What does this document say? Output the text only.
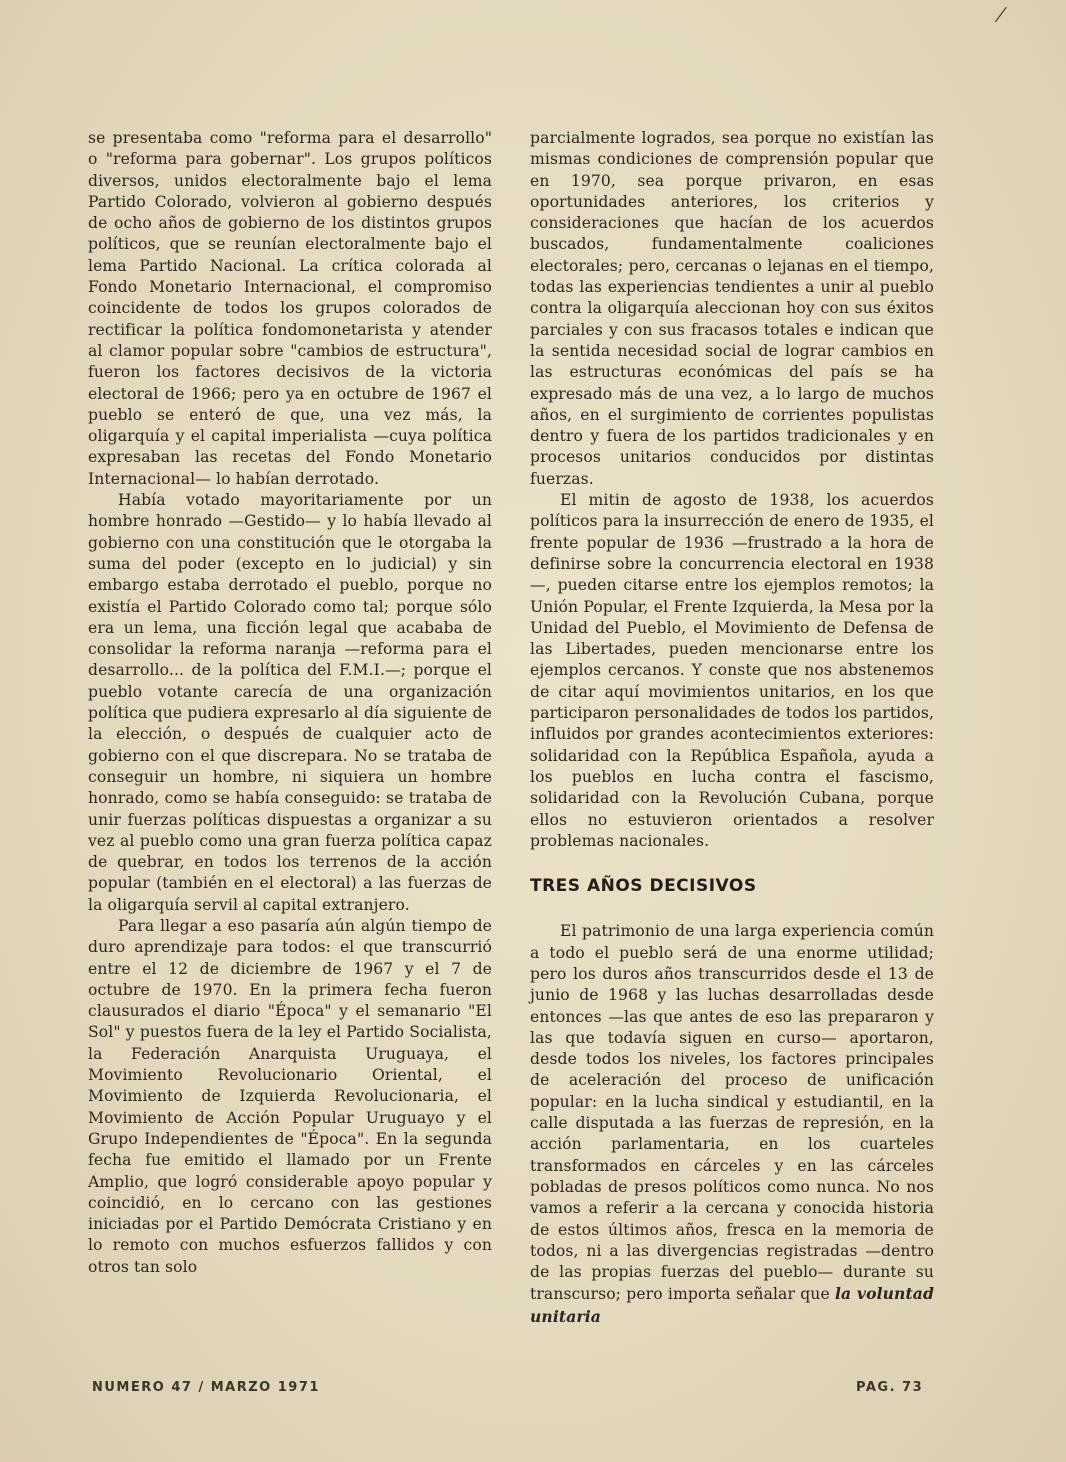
/

se presentaba como "reforma para el desarrollo" o "reforma para gobernar". Los grupos políticos diversos, unidos electoralmente bajo el lema Partido Colorado, volvieron al gobierno después de ocho años de gobierno de los distintos grupos políticos, que se reunían electoralmente bajo el lema Partido Nacional. La crítica colorada al Fondo Monetario Internacional, el compromiso coincidente de todos los grupos colorados de rectificar la política fondomonetarista y atender al clamor popular sobre "cambios de estructura", fueron los factores decisivos de la victoria electoral de 1966; pero ya en octubre de 1967 el pueblo se enteró de que, una vez más, la oligarquía y el capital imperialista —cuya política expresaban las recetas del Fondo Monetario Internacional— lo habían derrotado.

Había votado mayoritariamente por un hombre honrado —Gestido— y lo había llevado al gobierno con una constitución que le otorgaba la suma del poder (excepto en lo judicial) y sin embargo estaba derrotado el pueblo, porque no existía el Partido Colorado como tal; porque sólo era un lema, una ficción legal que acababa de consolidar la reforma naranja —reforma para el desarrollo... de la política del F.M.I.—; porque el pueblo votante carecía de una organización política que pudiera expresarlo al día siguiente de la elección, o después de cualquier acto de gobierno con el que discrepara. No se trataba de conseguir un hombre, ni siquiera un hombre honrado, como se había conseguido: se trataba de unir fuerzas políticas dispuestas a organizar a su vez al pueblo como una gran fuerza política capaz de quebrar, en todos los terrenos de la acción popular (también en el electoral) a las fuerzas de la oligarquía servil al capital extranjero.

Para llegar a eso pasaría aún algún tiempo de duro aprendizaje para todos: el que transcurrió entre el 12 de diciembre de 1967 y el 7 de octubre de 1970. En la primera fecha fueron clausurados el diario "Época" y el semanario "El Sol" y puestos fuera de la ley el Partido Socialista, la Federación Anarquista Uruguaya, el Movimiento Revolucionario Oriental, el Movimiento de Izquierda Revolucionaria, el Movimiento de Acción Popular Uruguayo y el Grupo Independientes de "Época". En la segunda fecha fue emitido el llamado por un Frente Amplio, que logró considerable apoyo popular y coincidió, en lo cercano con las gestiones iniciadas por el Partido Demócrata Cristiano y en lo remoto con muchos esfuerzos fallidos y con otros tan solo

parcialmente logrados, sea porque no existían las mismas condiciones de comprensión popular que en 1970, sea porque privaron, en esas oportunidades anteriores, los criterios y consideraciones que hacían de los acuerdos buscados, fundamentalmente coaliciones electorales; pero, cercanas o lejanas en el tiempo, todas las experiencias tendientes a unir al pueblo contra la oligarquía aleccionan hoy con sus éxitos parciales y con sus fracasos totales e indican que la sentida necesidad social de lograr cambios en las estructuras económicas del país se ha expresado más de una vez, a lo largo de muchos años, en el surgimiento de corrientes populistas dentro y fuera de los partidos tradicionales y en procesos unitarios conducidos por distintas fuerzas.

El mitin de agosto de 1938, los acuerdos políticos para la insurrección de enero de 1935, el frente popular de 1936 —frustrado a la hora de definirse sobre la concurrencia electoral en 1938—, pueden citarse entre los ejemplos remotos; la Unión Popular, el Frente Izquierda, la Mesa por la Unidad del Pueblo, el Movimiento de Defensa de las Libertades, pueden mencionarse entre los ejemplos cercanos. Y conste que nos abstenemos de citar aquí movimientos unitarios, en los que participaron personalidades de todos los partidos, influidos por grandes acontecimientos exteriores: solidaridad con la República Española, ayuda a los pueblos en lucha contra el fascismo, solidaridad con la Revolución Cubana, porque ellos no estuvieron orientados a resolver problemas nacionales.

TRES AÑOS DECISIVOS

El patrimonio de una larga experiencia común a todo el pueblo será de una enorme utilidad; pero los duros años transcurridos desde el 13 de junio de 1968 y las luchas desarrolladas desde entonces —las que antes de eso las prepararon y las que todavía siguen en curso— aportaron, desde todos los niveles, los factores principales de aceleración del proceso de unificación popular: en la lucha sindical y estudiantil, en la calle disputada a las fuerzas de represión, en la acción parlamentaria, en los cuarteles transformados en cárceles y en las cárceles pobladas de presos políticos como nunca. No nos vamos a referir a la cercana y conocida historia de estos últimos años, fresca en la memoria de todos, ni a las divergencias registradas —dentro de las propias fuerzas del pueblo— durante su transcurso; pero importa señalar que la voluntad unitaria

NUMERO 47 / MARZO 1971	PAG. 73
